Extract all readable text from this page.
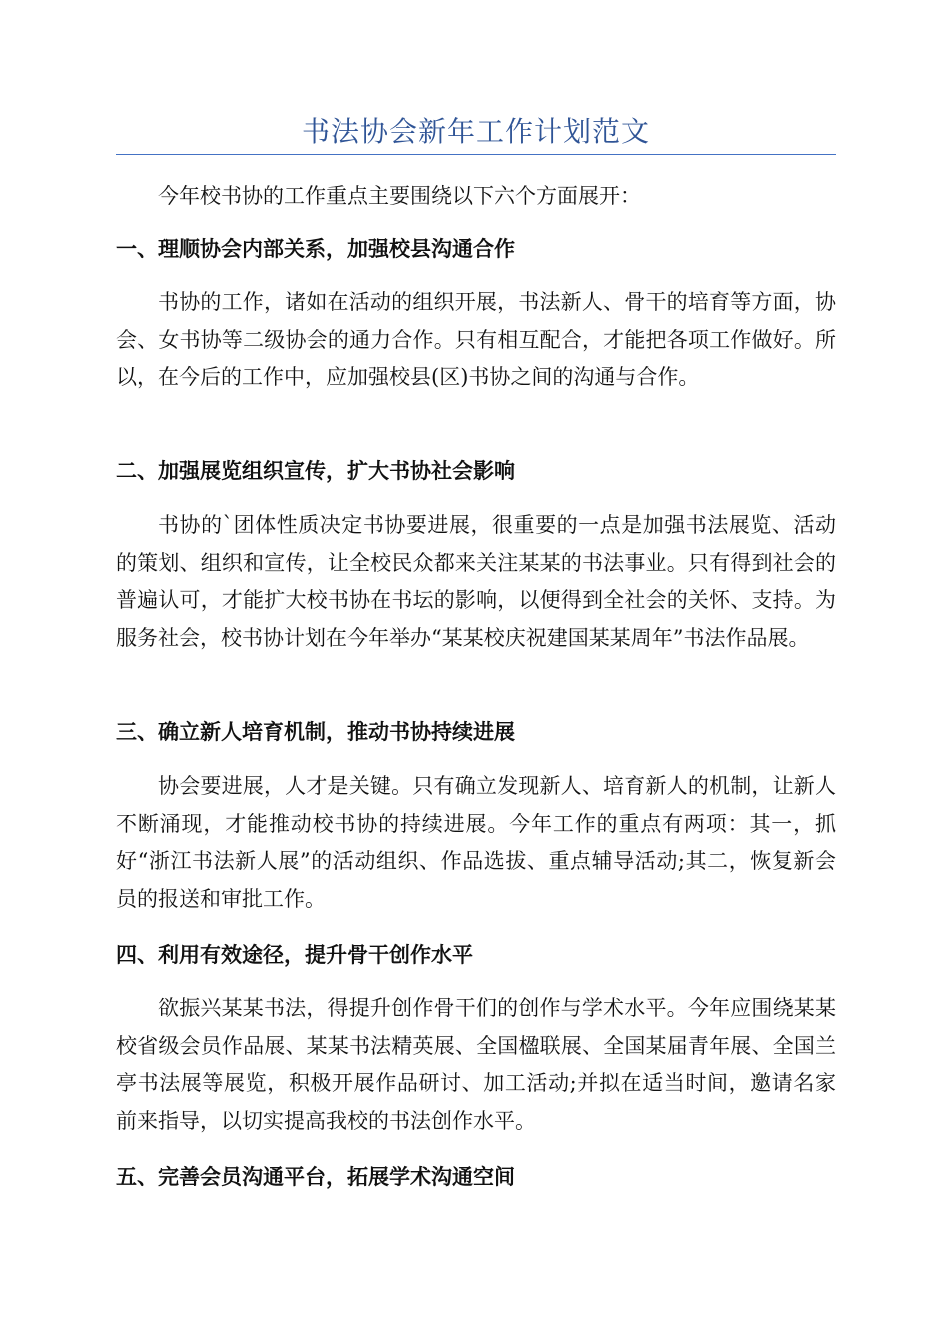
书法协会新年工作计划范文

今年校书协的工作重点主要围绕以下六个方面展开：

一、理顺协会内部关系，加强校县沟通合作

书协的工作，诸如在活动的组织开展，书法新人、骨干的培育等方面，协会、女书协等二级协会的通力合作。只有相互配合，才能把各项工作做好。所以，在今后的工作中，应加强校县(区)书协之间的沟通与合作。

二、加强展览组织宣传，扩大书协社会影响

书协的`团体性质决定书协要进展，很重要的一点是加强书法展览、活动的策划、组织和宣传，让全校民众都来关注某某的书法事业。只有得到社会的普遍认可，才能扩大校书协在书坛的影响，以便得到全社会的关怀、支持。为服务社会，校书协计划在今年举办“某某校庆祝建国某某周年”书法作品展。

三、确立新人培育机制，推动书协持续进展

协会要进展，人才是关键。只有确立发现新人、培育新人的机制，让新人不断涌现，才能推动校书协的持续进展。今年工作的重点有两项：其一，抓好“浙江书法新人展”的活动组织、作品选拔、重点辅导活动;其二，恢复新会员的报送和审批工作。

四、利用有效途径，提升骨干创作水平

欲振兴某某书法，得提升创作骨干们的创作与学术水平。今年应围绕某某校省级会员作品展、某某书法精英展、全国楹联展、全国某届青年展、全国兰亭书法展等展览，积极开展作品研讨、加工活动;并拟在适当时间，邀请名家前来指导，以切实提高我校的书法创作水平。

五、完善会员沟通平台，拓展学术沟通空间
